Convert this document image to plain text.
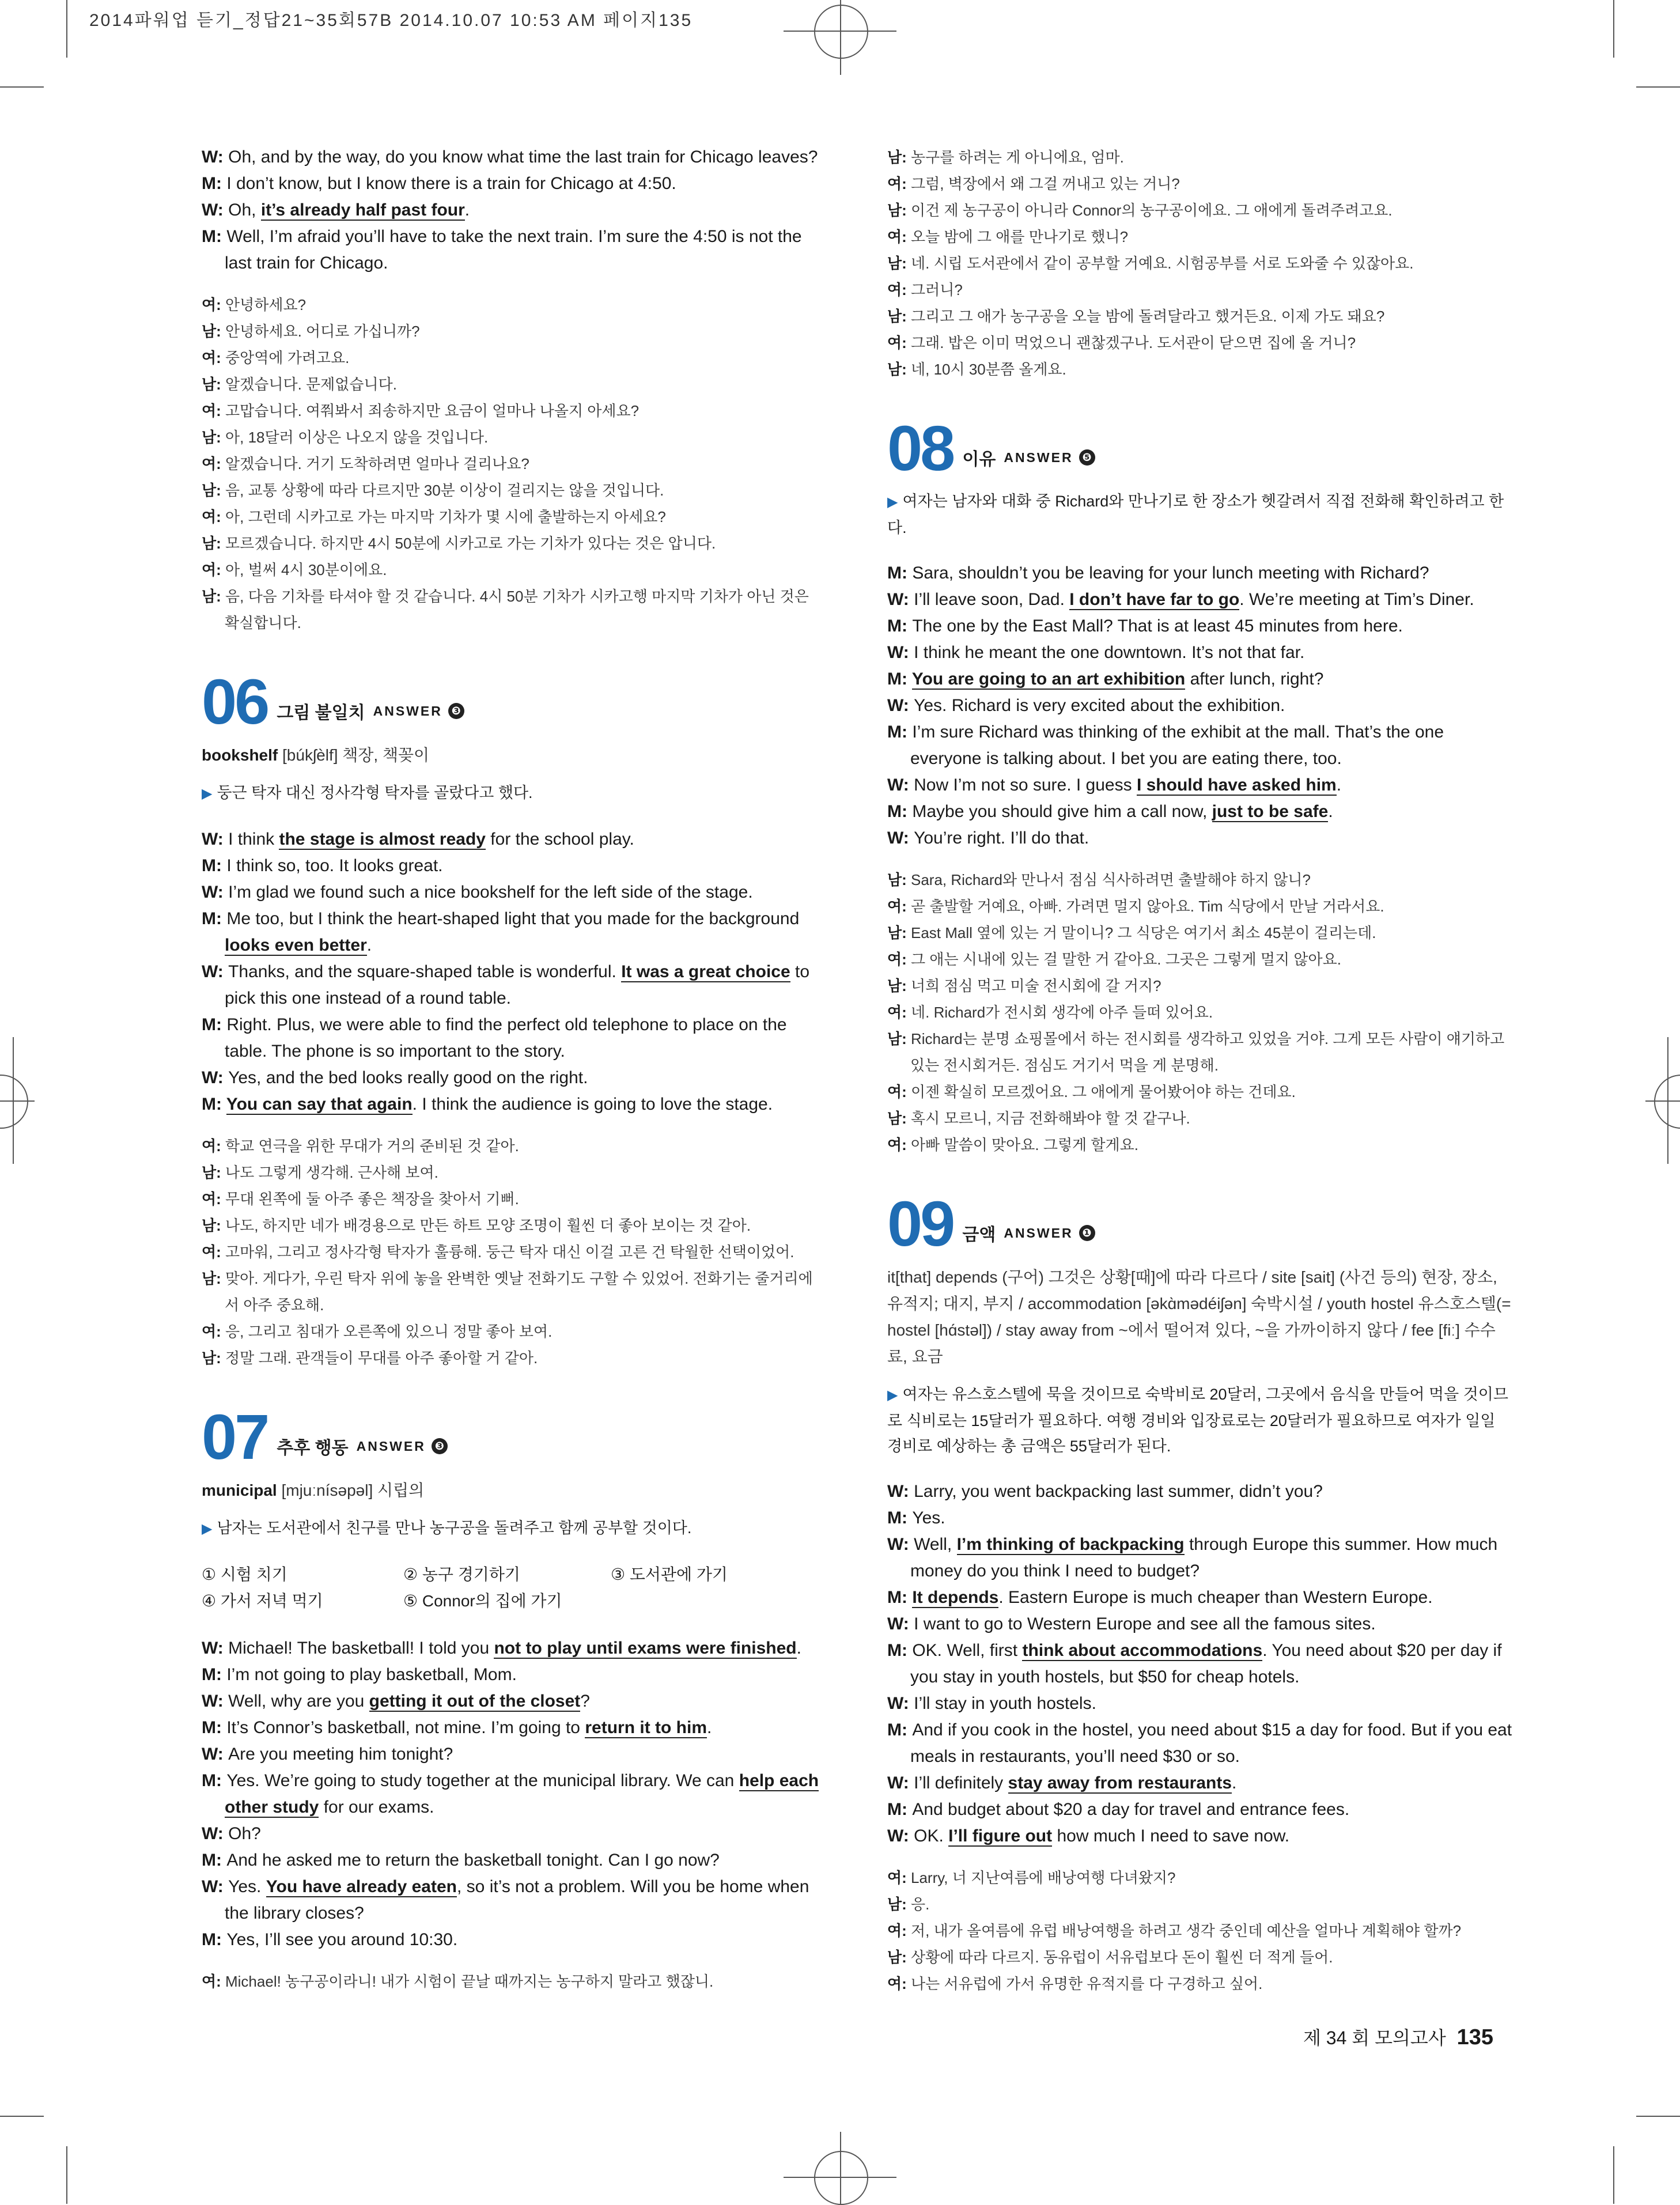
2014파워업 듣기_정답21~35회57B 2014.10.07 10:53 AM 페이지135

W: Oh, and by the way, do you know what time the last train for Chicago leaves?

M: I don’t know, but I know there is a train for Chicago at 4:50.

W: Oh, it’s already half past four.

M: Well, I’m afraid you’ll have to take the next train. I’m sure the 4:50 is not the last train for Chicago.

여: 안녕하세요?

남: 안녕하세요. 어디로 가십니까?

여: 중앙역에 가려고요.

남: 알겠습니다. 문제없습니다.

여: 고맙습니다. 여쭤봐서 죄송하지만 요금이 얼마나 나올지 아세요?

남: 아, 18달러 이상은 나오지 않을 것입니다.

여: 알겠습니다. 거기 도착하려면 얼마나 걸리나요?

남: 음, 교통 상황에 따라 다르지만 30분 이상이 걸리지는 않을 것입니다.

여: 아, 그런데 시카고로 가는 마지막 기차가 몇 시에 출발하는지 아세요?

남: 모르겠습니다. 하지만 4시 50분에 시카고로 가는 기차가 있다는 것은 압니다.

여: 아, 벌써 4시 30분이에요.

남: 음, 다음 기차를 타셔야 할 것 같습니다. 4시 50분 기차가 시카고행 마지막 기차가 아닌 것은 확실합니다.

06 그림 불일치 ANSWER ❸

bookshelf [búkʃèlf] 책장, 책꽂이

▶ 둥근 탁자 대신 정사각형 탁자를 골랐다고 했다.

W: I think the stage is almost ready for the school play.

M: I think so, too. It looks great.

W: I’m glad we found such a nice bookshelf for the left side of the stage.

M: Me too, but I think the heart-shaped light that you made for the background looks even better.

W: Thanks, and the square-shaped table is wonderful. It was a great choice to pick this one instead of a round table.

M: Right. Plus, we were able to find the perfect old telephone to place on the table. The phone is so important to the story.

W: Yes, and the bed looks really good on the right.

M: You can say that again. I think the audience is going to love the stage.

여: 학교 연극을 위한 무대가 거의 준비된 것 같아.

남: 나도 그렇게 생각해. 근사해 보여.

여: 무대 왼쪽에 둘 아주 좋은 책장을 찾아서 기뻐.

남: 나도, 하지만 네가 배경용으로 만든 하트 모양 조명이 훨씬 더 좋아 보이는 것 같아.

여: 고마워, 그리고 정사각형 탁자가 훌륭해. 둥근 탁자 대신 이걸 고른 건 탁월한 선택이었어.

남: 맞아. 게다가, 우린 탁자 위에 놓을 완벽한 옛날 전화기도 구할 수 있었어. 전화기는 줄거리에서 아주 중요해.

여: 응, 그리고 침대가 오른쪽에 있으니 정말 좋아 보여.

남: 정말 그래. 관객들이 무대를 아주 좋아할 거 같아.

07 추후 행동 ANSWER ❸

municipal [mjuːnísəpəl] 시립의

▶ 남자는 도서관에서 친구를 만나 농구공을 돌려주고 함께 공부할 것이다.

① 시험 치기	② 농구 경기하기	③ 도서관에 가기
④ 가서 저녁 먹기	⑤ Connor의 집에 가기

W: Michael! The basketball! I told you not to play until exams were finished.

M: I’m not going to play basketball, Mom.

W: Well, why are you getting it out of the closet?

M: It’s Connor’s basketball, not mine. I’m going to return it to him.

W: Are you meeting him tonight?

M: Yes. We’re going to study together at the municipal library. We can help each other study for our exams.

W: Oh?

M: And he asked me to return the basketball tonight. Can I go now?

W: Yes. You have already eaten, so it’s not a problem. Will you be home when the library closes?

M: Yes, I’ll see you around 10:30.

여: Michael! 농구공이라니! 내가 시험이 끝날 때까지는 농구하지 말라고 했잖니.

남: 농구를 하려는 게 아니에요, 엄마.

여: 그럼, 벽장에서 왜 그걸 꺼내고 있는 거니?

남: 이건 제 농구공이 아니라 Connor의 농구공이에요. 그 애에게 돌려주려고요.

여: 오늘 밤에 그 애를 만나기로 했니?

남: 네. 시립 도서관에서 같이 공부할 거예요. 시험공부를 서로 도와줄 수 있잖아요.

여: 그러니?

남: 그리고 그 애가 농구공을 오늘 밤에 돌려달라고 했거든요. 이제 가도 돼요?

여: 그래. 밥은 이미 먹었으니 괜찮겠구나. 도서관이 닫으면 집에 올 거니?

남: 네, 10시 30분쯤 올게요.

08 이유 ANSWER ❺

▶ 여자는 남자와 대화 중 Richard와 만나기로 한 장소가 헷갈려서 직접 전화해 확인하려고 한다.

M: Sara, shouldn’t you be leaving for your lunch meeting with Richard?

W: I’ll leave soon, Dad. I don’t have far to go. We’re meeting at Tim’s Diner.

M: The one by the East Mall? That is at least 45 minutes from here.

W: I think he meant the one downtown. It’s not that far.

M: You are going to an art exhibition after lunch, right?

W: Yes. Richard is very excited about the exhibition.

M: I’m sure Richard was thinking of the exhibit at the mall. That’s the one everyone is talking about. I bet you are eating there, too.

W: Now I’m not so sure. I guess I should have asked him.

M: Maybe you should give him a call now, just to be safe.

W: You’re right. I’ll do that.

남: Sara, Richard와 만나서 점심 식사하려면 출발해야 하지 않니?

여: 곧 출발할 거예요, 아빠. 가려면 멀지 않아요. Tim 식당에서 만날 거라서요.

남: East Mall 옆에 있는 거 말이니? 그 식당은 여기서 최소 45분이 걸리는데.

여: 그 애는 시내에 있는 걸 말한 거 같아요. 그곳은 그렇게 멀지 않아요.

남: 너희 점심 먹고 미술 전시회에 갈 거지?

여: 네. Richard가 전시회 생각에 아주 들떠 있어요.

남: Richard는 분명 쇼핑몰에서 하는 전시회를 생각하고 있었을 거야. 그게 모든 사람이 얘기하고 있는 전시회거든. 점심도 거기서 먹을 게 분명해.

여: 이젠 확실히 모르겠어요. 그 애에게 물어봤어야 하는 건데요.

남: 혹시 모르니, 지금 전화해봐야 할 것 같구나.

여: 아빠 말씀이 맞아요. 그렇게 할게요.

09 금액 ANSWER ❶

it[that] depends (구어) 그것은 상황[때]에 따라 다르다 / site [sait] (사건 등의) 현장, 장소, 유적지; 대지, 부지 / accommodation [əkɑ̀mədéiʃən] 숙박시설 / youth hostel 유스호스텔(= hostel [hɑ́stəl]) / stay away from ~에서 떨어져 있다, ~을 가까이하지 않다 / fee [fiː] 수수료, 요금

▶ 여자는 유스호스텔에 묵을 것이므로 숙박비로 20달러, 그곳에서 음식을 만들어 먹을 것이므로 식비로는 15달러가 필요하다. 여행 경비와 입장료로는 20달러가 필요하므로 여자가 일일 경비로 예상하는 총 금액은 55달러가 된다.

W: Larry, you went backpacking last summer, didn’t you?

M: Yes.

W: Well, I’m thinking of backpacking through Europe this summer. How much money do you think I need to budget?

M: It depends. Eastern Europe is much cheaper than Western Europe.

W: I want to go to Western Europe and see all the famous sites.

M: OK. Well, first think about accommodations. You need about $20 per day if you stay in youth hostels, but $50 for cheap hotels.

W: I’ll stay in youth hostels.

M: And if you cook in the hostel, you need about $15 a day for food. But if you eat meals in restaurants, you’ll need $30 or so.

W: I’ll definitely stay away from restaurants.

M: And budget about $20 a day for travel and entrance fees.

W: OK. I’ll figure out how much I need to save now.

여: Larry, 너 지난여름에 배낭여행 다녀왔지?

남: 응.

여: 저, 내가 올여름에 유럽 배낭여행을 하려고 생각 중인데 예산을 얼마나 계획해야 할까?

남: 상황에 따라 다르지. 동유럽이 서유럽보다 돈이 훨씬 더 적게 들어.

여: 나는 서유럽에 가서 유명한 유적지를 다 구경하고 싶어.

제 34 회 모의고사 135
